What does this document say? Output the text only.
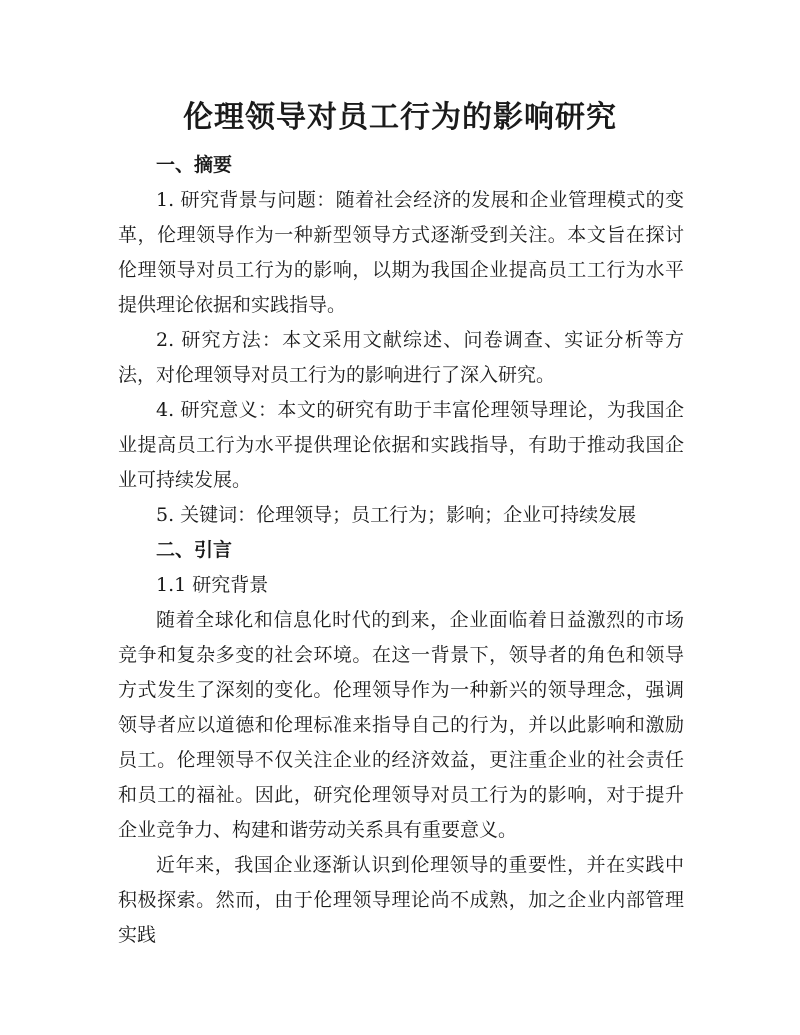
伦理领导对员工行为的影响研究
一、摘要

1. 研究背景与问题：随着社会经济的发展和企业管理模式的变革，伦理领导作为一种新型领导方式逐渐受到关注。本文旨在探讨伦理领导对员工行为的影响，以期为我国企业提高员工工行为水平提供理论依据和实践指导。

2. 研究方法：本文采用文献综述、问卷调查、实证分析等方法，对伦理领导对员工行为的影响进行了深入研究。

4. 研究意义：本文的研究有助于丰富伦理领导理论，为我国企业提高员工行为水平提供理论依据和实践指导，有助于推动我国企业可持续发展。

5. 关键词：伦理领导；员工行为；影响；企业可持续发展

二、引言
1.1 研究背景

随着全球化和信息化时代的到来，企业面临着日益激烈的市场竞争和复杂多变的社会环境。在这一背景下，领导者的角色和领导方式发生了深刻的变化。伦理领导作为一种新兴的领导理念，强调领导者应以道德和伦理标准来指导自己的行为，并以此影响和激励员工。伦理领导不仅关注企业的经济效益，更注重企业的社会责任和员工的福祉。因此，研究伦理领导对员工行为的影响，对于提升企业竞争力、构建和谐劳动关系具有重要意义。

近年来，我国企业逐渐认识到伦理领导的重要性，并在实践中积极探索。然而，由于伦理领导理论尚不成熟，加之企业内部管理实践
